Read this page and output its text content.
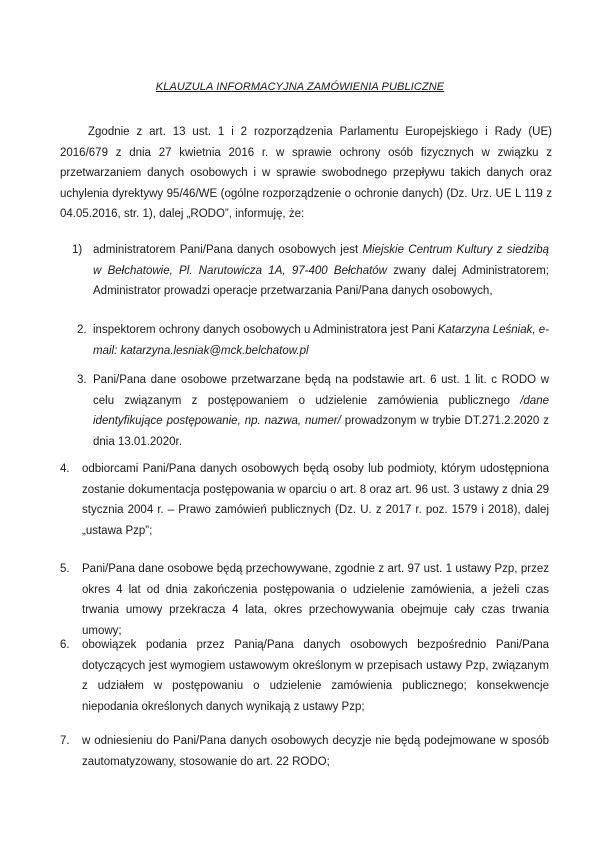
KLAUZULA INFORMACYJNA ZAMÓWIENIA PUBLICZNE

Zgodnie z art. 13 ust. 1 i 2 rozporządzenia Parlamentu Europejskiego i Rady (UE) 2016/679 z dnia 27 kwietnia 2016 r. w sprawie ochrony osób fizycznych w związku z przetwarzaniem danych osobowych i w sprawie swobodnego przepływu takich danych oraz uchylenia dyrektywy 95/46/WE (ogólne rozporządzenie o ochronie danych) (Dz. Urz. UE L 119 z 04.05.2016, str. 1), dalej „RODO”, informuję, że:

1) administratorem Pani/Pana danych osobowych jest Miejskie Centrum Kultury z siedzibą w Bełchatowie, Pl. Narutowicza 1A, 97-400 Bełchatów zwany dalej Administratorem; Administrator prowadzi operacje przetwarzania Pani/Pana danych osobowych,
2. inspektorem ochrony danych osobowych u Administratora jest Pani Katarzyna Leśniak, e-mail: katarzyna.lesniak@mck.belchatow.pl
3. Pani/Pana dane osobowe przetwarzane będą na podstawie art. 6 ust. 1 lit. c RODO w celu związanym z postępowaniem o udzielenie zamówienia publicznego /dane identyfikujące postępowanie, np. nazwa, numer/ prowadzonym w trybie DT.271.2.2020 z dnia 13.01.2020r.
4. odbiorcami Pani/Pana danych osobowych będą osoby lub podmioty, którym udostępniona zostanie dokumentacja postępowania w oparciu o art. 8 oraz art. 96 ust. 3 ustawy z dnia 29 stycznia 2004 r. – Prawo zamówień publicznych (Dz. U. z 2017 r. poz. 1579 i 2018), dalej „ustawa Pzp”;
5. Pani/Pana dane osobowe będą przechowywane, zgodnie z art. 97 ust. 1 ustawy Pzp, przez okres 4 lat od dnia zakończenia postępowania o udzielenie zamówienia, a jeżeli czas trwania umowy przekracza 4 lata, okres przechowywania obejmuje cały czas trwania umowy;
6. obowiązek podania przez Panią/Pana danych osobowych bezpośrednio Pani/Pana dotyczących jest wymogiem ustawowym określonym w przepisach ustawy Pzp, związanym z udziałem w postępowaniu o udzielenie zamówienia publicznego; konsekwencje niepodania określonych danych wynikają z ustawy Pzp;
7. w odniesieniu do Pani/Pana danych osobowych decyzje nie będą podejmowane w sposób zautomatyzowany, stosowanie do art. 22 RODO;
